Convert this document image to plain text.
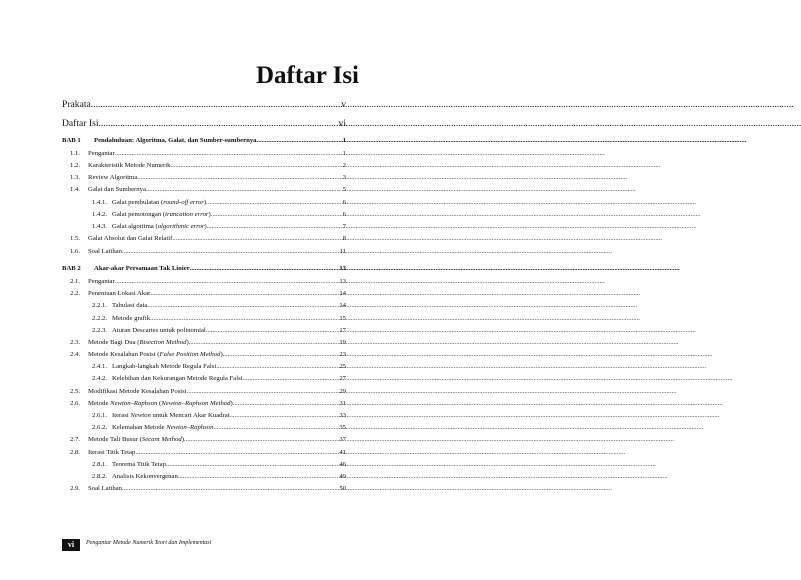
Daftar Isi
Prakata .....	v
Daftar Isi .....	vi
BAB 1	Pendahuluan: Algoritma, Galat, dan Sumber-sumbernya .....	1
1.1.	Pengantar .....	1
1.2.	Karakteristik Metode Numerik .....	2
1.3.	Review Algoritma .....	3
1.4.	Galat dan Sumbernya .....	5
1.4.1. Galat pembulatan (round-off error) .....	6
1.4.2. Galat pemotongan (truncation error) .....	6
1.4.3. Galat algoritma (algorithmic error) .....	7
1.5.	Galat Absolut dan Galat Relatif .....	8
1.6.	Soal Latihan .....	11
BAB 2	Akar-akar Persamaan Tak Linier .....	13
2.1.	Pengantar .....	13
2.2.	Penentuan Lokasi Akar .....	14
2.2.1. Tabulasi data .....	14
2.2.2. Metode grafik .....	15
2.2.3. Aturan Descartes untuk polinomial .....	17
2.3.	Metode Bagi Dua (Bisection Method) .....	19
2.4.	Metode Kesalahan Posisi (False Position Method) .....	23
2.4.1. Langkah-langkah Metode Regula Falsi .....	25
2.4.2. Kelebihan dan Kekurangan Metode Regula Falsi .....	27
2.5.	Modifikasi Metode Kesalahan Posisi .....	29
2.6.	Metode Newton–Raphson (Newton–Raphson Method) .....	31
2.6.1. Iterasi Newton untuk Mencari Akar Kuadrat .....	33
2.6.2. Kelemahan Metode Newton–Raphson .....	35
2.7.	Metode Tali Busur (Secant Method) .....	37
2.8.	Iterasi Titik Tetap .....	41
2.8.1. Teorema Titik Tetap .....	46
2.8.2. Analisis Kekonvergenan .....	49
2.9.	Soal Latihan .....	50
vi	Pengantar Metode Numerik Teori dan Implementasi
